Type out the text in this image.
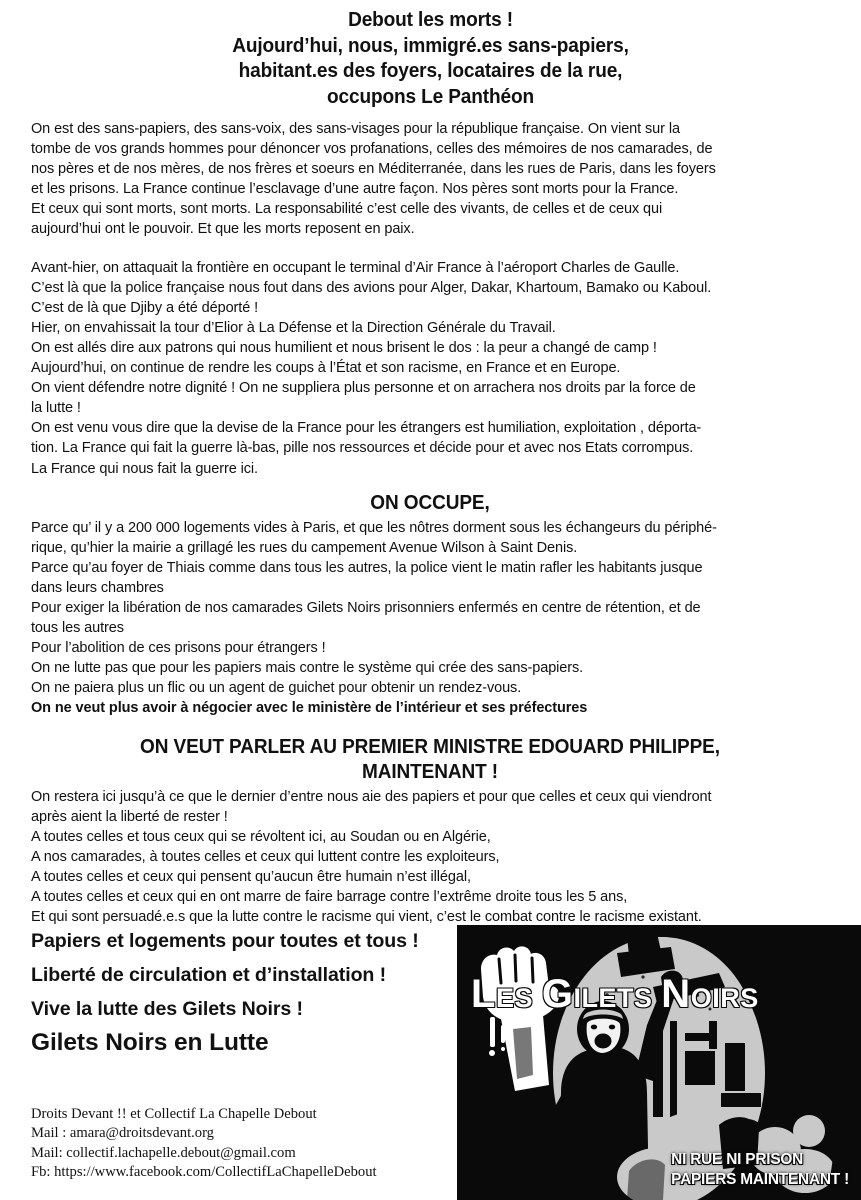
Debout les morts !
Aujourd’hui, nous, immigré.es sans-papiers,
habitant.es des foyers, locataires de la rue,
occupons Le Panthéon

On est des sans-papiers, des sans-voix, des sans-visages pour la république française. On vient sur la
tombe de vos grands hommes pour dénoncer vos profanations, celles des mémoires de nos camarades, de
nos pères et de nos mères, de nos frères et soeurs en Méditerranée, dans les rues de Paris, dans les foyers
et les prisons. La France continue l’esclavage d’une autre façon. Nos pères sont morts pour la France.
Et ceux qui sont morts, sont morts. La responsabilité c’est celle des vivants, de celles et de ceux qui
aujourd’hui ont le pouvoir. Et que les morts reposent en paix.

Avant-hier, on attaquait la frontière en occupant le terminal d’Air France à l’aéroport Charles de Gaulle.
C’est là que la police française nous fout dans des avions pour Alger, Dakar, Khartoum, Bamako ou Kaboul.
C’est de là que Djiby a été déporté !
Hier, on envahissait la tour d’Elior à La Défense et la Direction Générale du Travail.
On est allés dire aux patrons qui nous humilient et nous brisent le dos : la peur a changé de camp !
Aujourd’hui, on continue de rendre les coups à l’État et son racisme, en France et en Europe.
On vient défendre notre dignité ! On ne suppliera plus personne et on arrachera nos droits par la force de
la lutte !
On est venu vous dire que la devise de la France pour les étrangers est humiliation, exploitation , déporta-
tion. La France qui fait la guerre là-bas, pille nos ressources et décide pour et avec nos Etats corrompus.
La France qui nous fait la guerre ici.

ON OCCUPE,

Parce qu’ il y a 200 000 logements vides à Paris, et que les nôtres dorment sous les échangeurs du périphé-
rique, qu’hier la mairie a grillagé les rues du campement Avenue Wilson à Saint Denis.
Parce qu’au foyer de Thiais comme dans tous les autres, la police vient le matin rafler les habitants jusque
dans leurs chambres
Pour exiger la libération de nos camarades Gilets Noirs prisonniers enfermés en centre de rétention, et de
tous les autres
Pour l’abolition de ces prisons pour étrangers !
On ne lutte pas que pour les papiers mais contre le système qui crée des sans-papiers.
On ne paiera plus un flic ou un agent de guichet pour obtenir un rendez-vous.
On ne veut plus avoir à négocier avec le ministère de l’intérieur et ses préfectures

ON VEUT PARLER AU PREMIER MINISTRE EDOUARD PHILIPPE,
MAINTENANT !

On restera ici jusqu’à ce que le dernier d’entre nous aie des papiers et pour que celles et ceux qui viendront
après aient la liberté de rester !
A toutes celles et tous ceux qui se révoltent ici, au Soudan ou en Algérie,
A nos camarades, à toutes celles et ceux qui luttent contre les exploiteurs,
A toutes celles et ceux qui pensent qu’aucun être humain n’est illégal,
A toutes celles et ceux qui en ont marre de faire barrage contre l’extrême droite tous les 5 ans,
Et qui sont persuadé.e.s que la lutte contre le racisme qui vient, c’est le combat contre le racisme existant.

Papiers et logements pour toutes et tous !
Liberté de circulation et d’installation !
Vive la lutte des Gilets Noirs !
Gilets Noirs en Lutte
Droits Devant !! et Collectif La Chapelle Debout
Mail : amara@droitsdevant.org
Mail: collectif.lachapelle.debout@gmail.com
Fb: https://www.facebook.com/CollectifLaChapelleDebout
LES GILETS NOIRS
NI RUE NI PRISON
PAPIERS MAINTENANT !
